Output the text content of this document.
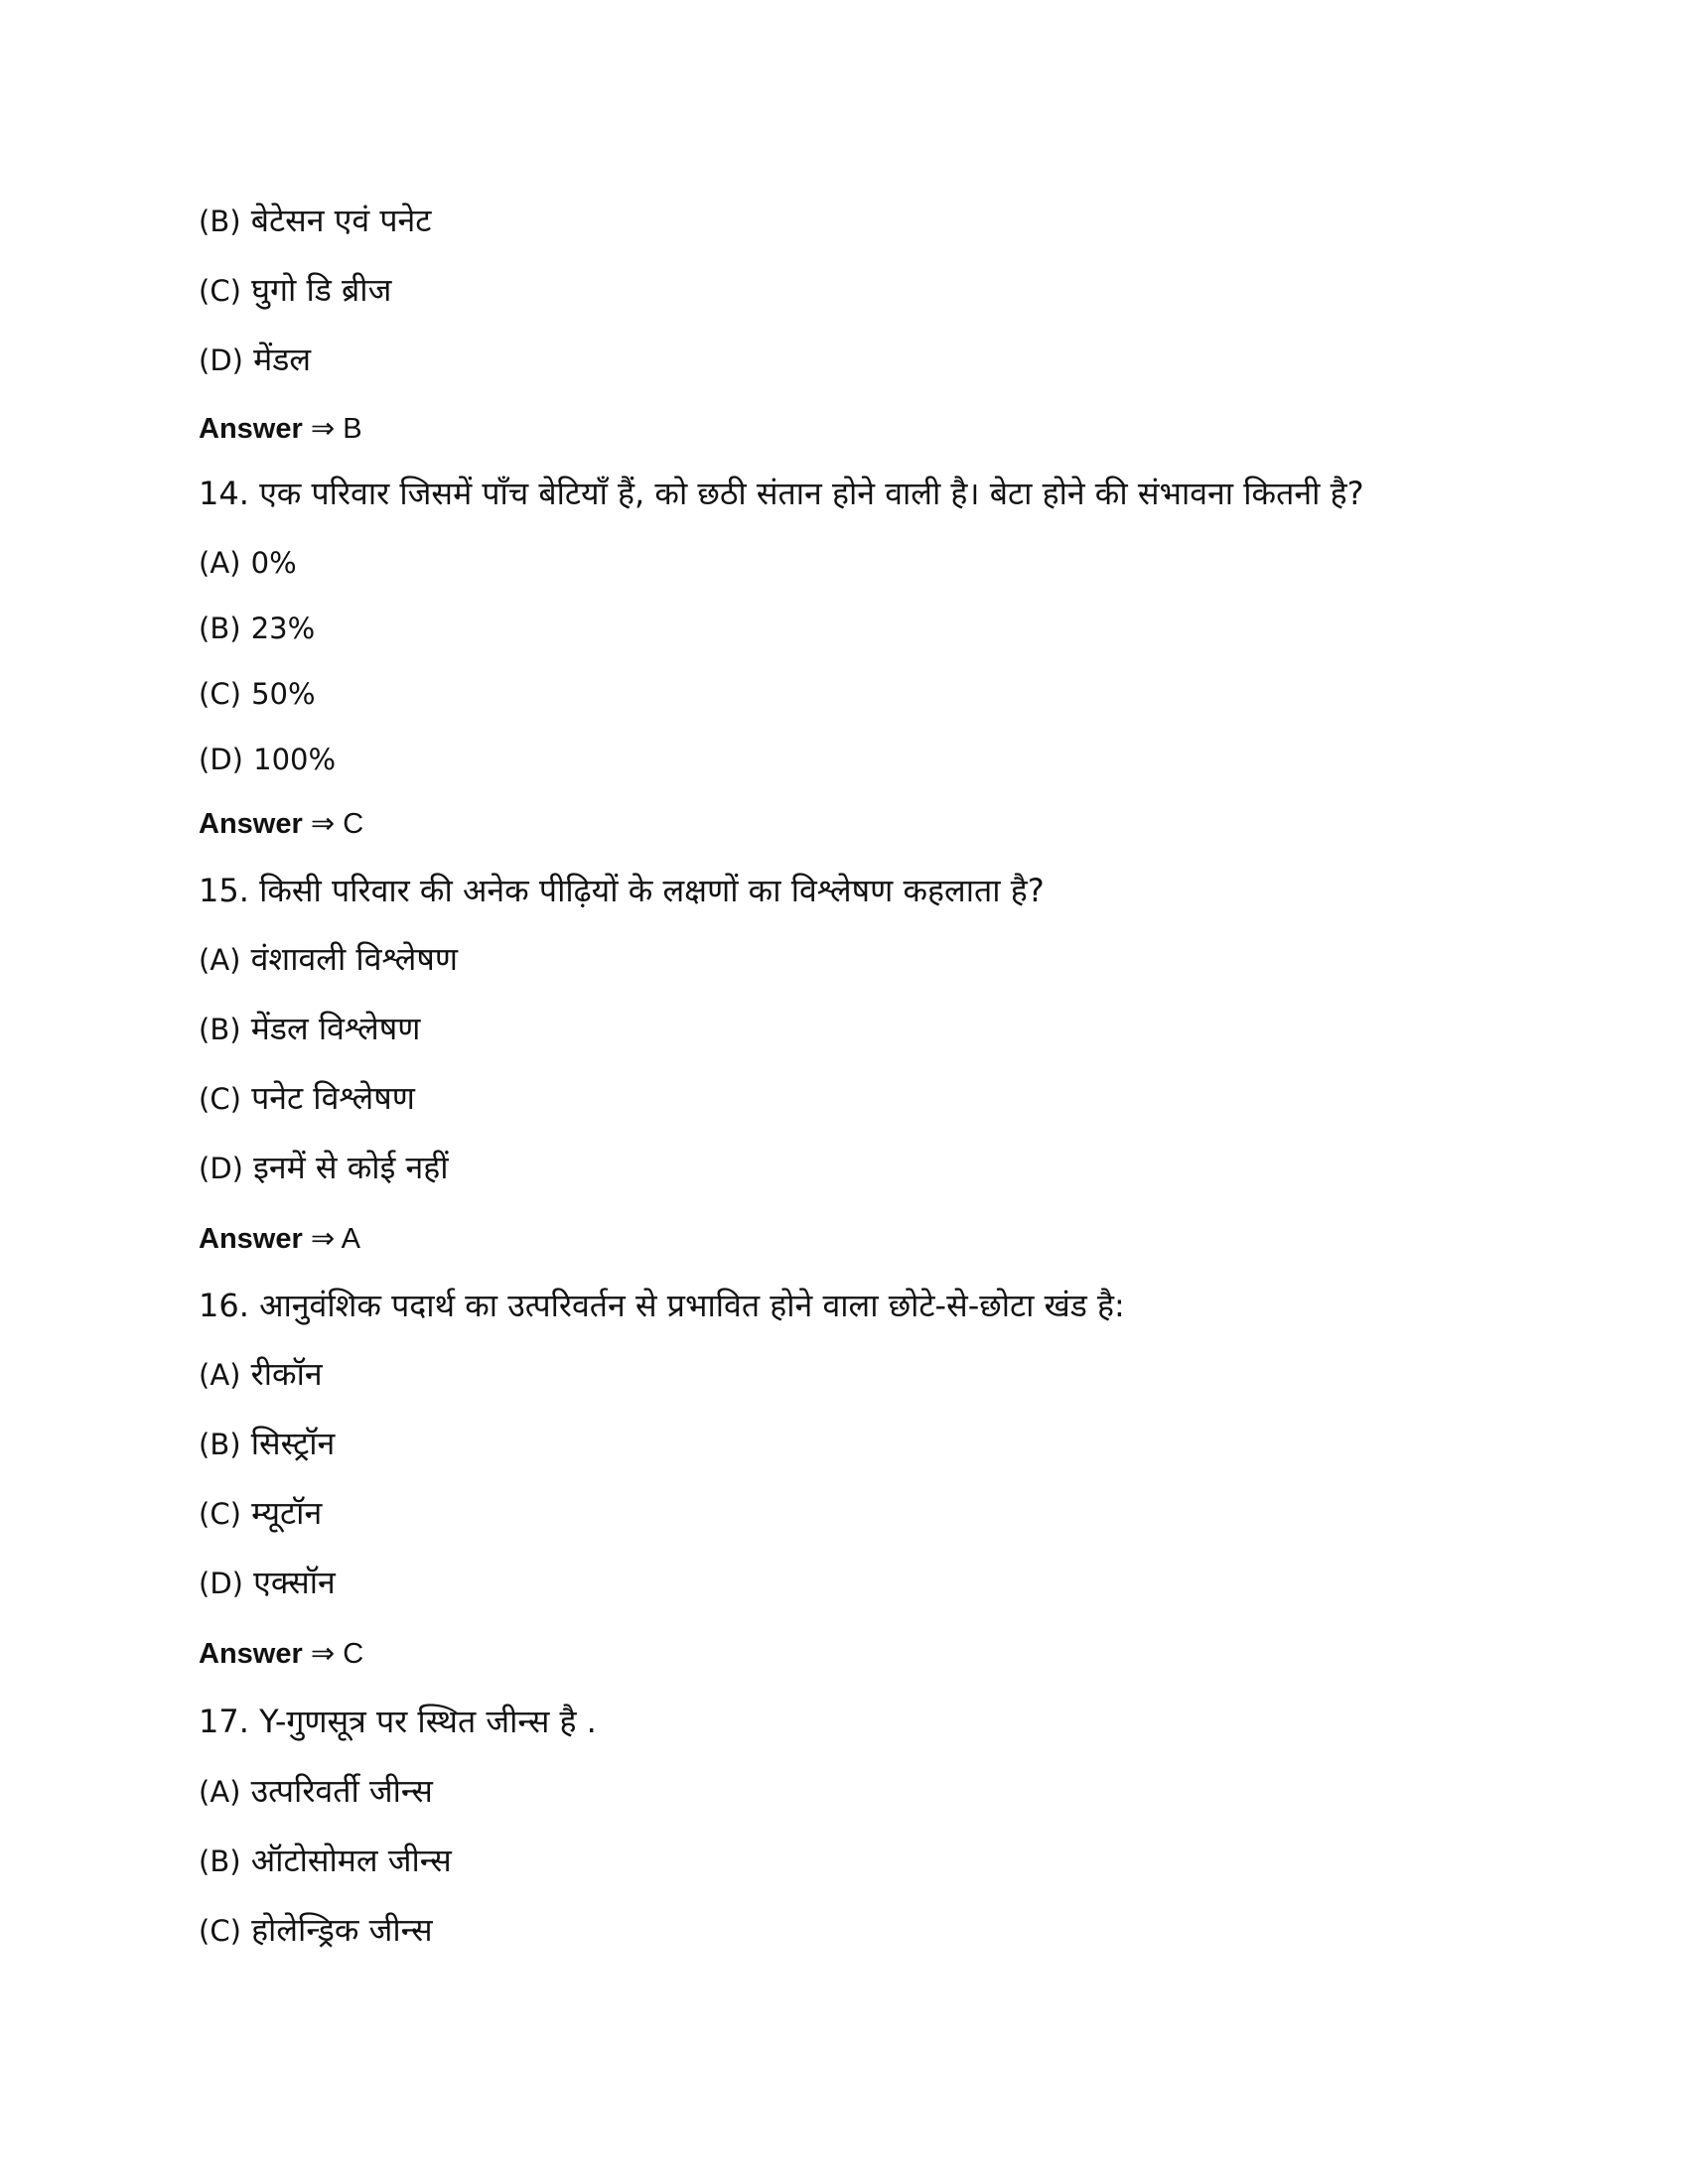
(B) बेटेसन एवं पनेट
(C) घुगो डि ब्रीज
(D) मेंडल
Answer ⇒ B
14. एक परिवार जिसमें पाँच बेटियाँ हैं, को छठी संतान होने वाली है। बेटा होने की संभावना कितनी है?
(A) 0%
(B) 23%
(C) 50%
(D) 100%
Answer ⇒ C
15. किसी परिवार की अनेक पीढ़ियों के लक्षणों का विश्लेषण कहलाता है?
(A) वंशावली विश्लेषण
(B) मेंडल विश्लेषण
(C) पनेट विश्लेषण
(D) इनमें से कोई नहीं
Answer ⇒ A
16. आनुवंशिक पदार्थ का उत्परिवर्तन से प्रभावित होने वाला छोटे-से-छोटा खंड है:
(A) रीकॉन
(B) सिस्ट्रॉन
(C) म्यूटॉन
(D) एक्सॉन
Answer ⇒ C
17. Y-गुणसूत्र पर स्थित जीन्स है .
(A) उत्परिवर्ती जीन्स
(B) ऑटोसोमल जीन्स
(C) होलेन्ड्रिक जीन्स
